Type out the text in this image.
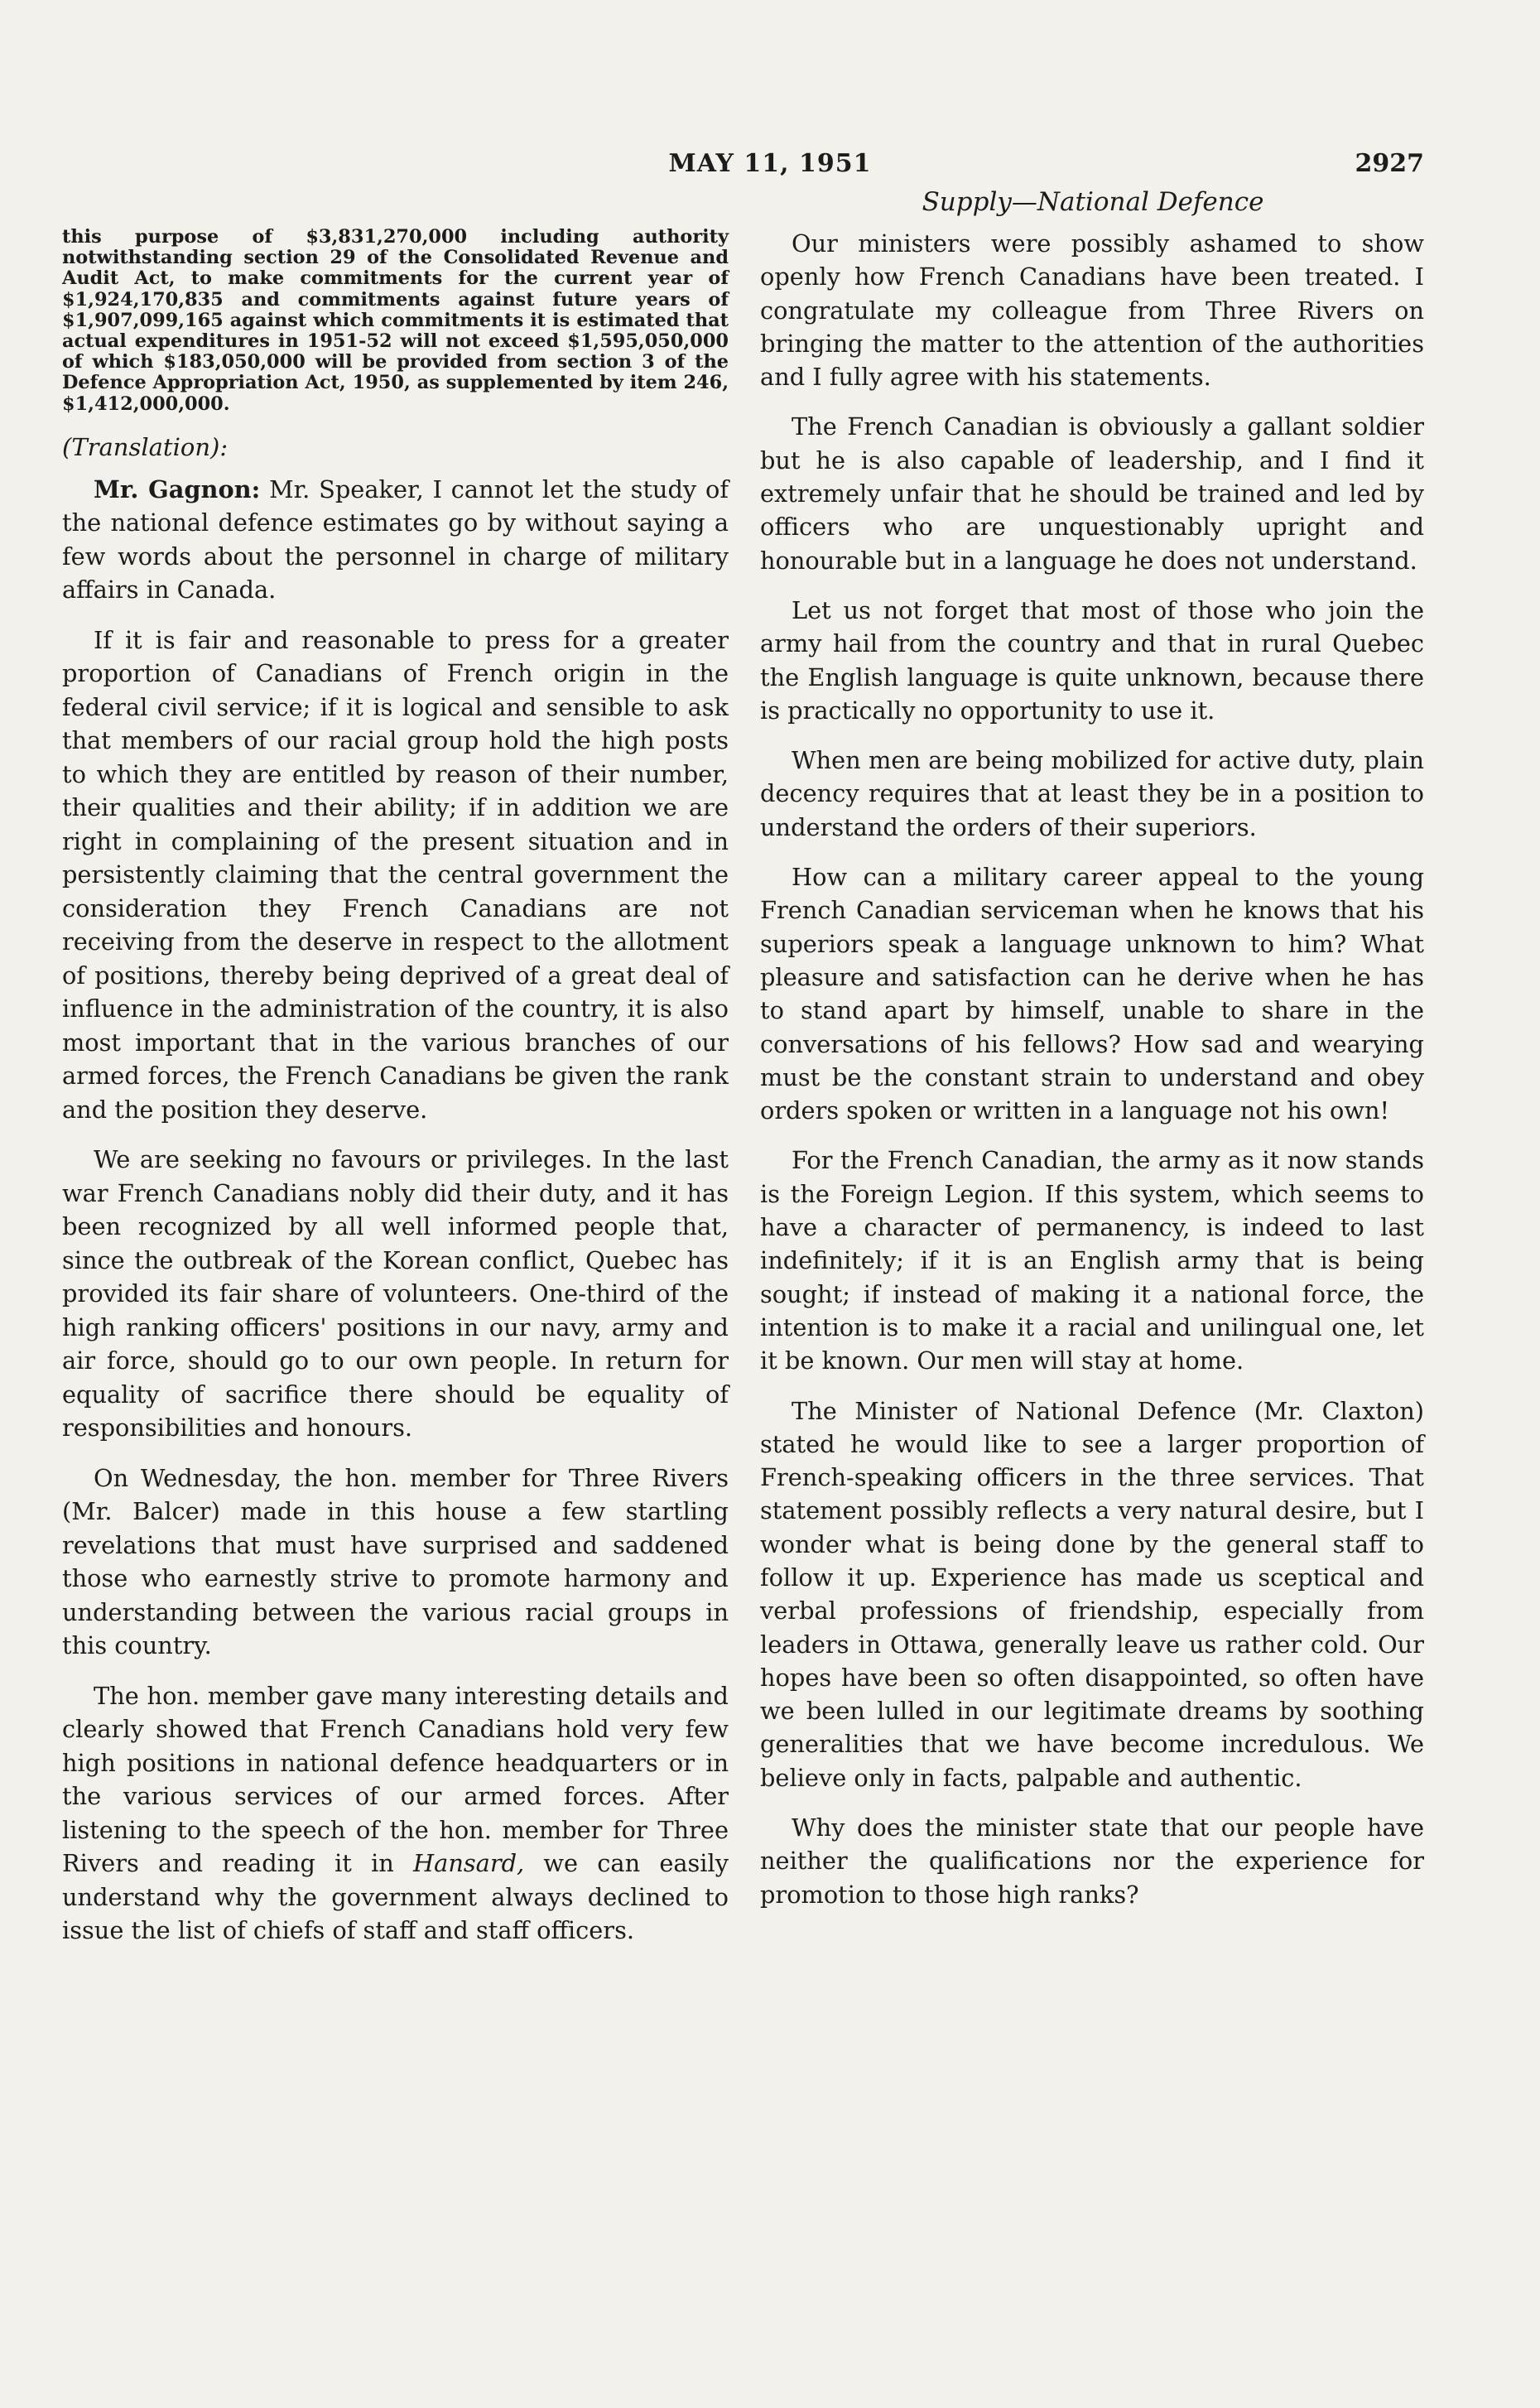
MAY 11, 1951	2927
Supply—National Defence

this purpose of $3,831,270,000 including authority notwithstanding section 29 of the Consolidated Revenue and Audit Act, to make commitments for the current year of $1,924,170,835 and commitments against future years of $1,907,099,165 against which commitments it is estimated that actual expenditures in 1951-52 will not exceed $1,595,050,000 of which $183,050,000 will be provided from section 3 of the Defence Appropriation Act, 1950, as supplemented by item 246, $1,412,000,000.

(Translation):

Mr. Gagnon: Mr. Speaker, I cannot let the study of the national defence estimates go by without saying a few words about the personnel in charge of military affairs in Canada.

If it is fair and reasonable to press for a greater proportion of Canadians of French origin in the federal civil service; if it is logical and sensible to ask that members of our racial group hold the high posts to which they are entitled by reason of their number, their qualities and their ability; if in addition we are right in complaining of the present situation and in persistently claiming that the central government the consideration they French Canadians are not receiving from the deserve in respect to the allotment of positions, thereby being deprived of a great deal of influence in the administration of the country, it is also most important that in the various branches of our armed forces, the French Canadians be given the rank and the position they deserve.

We are seeking no favours or privileges. In the last war French Canadians nobly did their duty, and it has been recognized by all well informed people that, since the outbreak of the Korean conflict, Quebec has provided its fair share of volunteers. One-third of the high ranking officers' positions in our navy, army and air force, should go to our own people. In return for equality of sacrifice there should be equality of responsibilities and honours.

On Wednesday, the hon. member for Three Rivers (Mr. Balcer) made in this house a few startling revelations that must have surprised and saddened those who earnestly strive to promote harmony and understanding between the various racial groups in this country.

The hon. member gave many interesting details and clearly showed that French Canadians hold very few high positions in national defence headquarters or in the various services of our armed forces. After listening to the speech of the hon. member for Three Rivers and reading it in Hansard, we can easily understand why the government always declined to issue the list of chiefs of staff and staff officers.

Our ministers were possibly ashamed to show openly how French Canadians have been treated. I congratulate my colleague from Three Rivers on bringing the matter to the attention of the authorities and I fully agree with his statements.

The French Canadian is obviously a gallant soldier but he is also capable of leadership, and I find it extremely unfair that he should be trained and led by officers who are unquestionably upright and honourable but in a language he does not understand.

Let us not forget that most of those who join the army hail from the country and that in rural Quebec the English language is quite unknown, because there is practically no opportunity to use it.

When men are being mobilized for active duty, plain decency requires that at least they be in a position to understand the orders of their superiors.

How can a military career appeal to the young French Canadian serviceman when he knows that his superiors speak a language unknown to him? What pleasure and satisfaction can he derive when he has to stand apart by himself, unable to share in the conversations of his fellows? How sad and wearying must be the constant strain to understand and obey orders spoken or written in a language not his own!

For the French Canadian, the army as it now stands is the Foreign Legion. If this system, which seems to have a character of permanency, is indeed to last indefinitely; if it is an English army that is being sought; if instead of making it a national force, the intention is to make it a racial and unilingual one, let it be known. Our men will stay at home.

The Minister of National Defence (Mr. Claxton) stated he would like to see a larger proportion of French-speaking officers in the three services. That statement possibly reflects a very natural desire, but I wonder what is being done by the general staff to follow it up. Experience has made us sceptical and verbal professions of friendship, especially from leaders in Ottawa, generally leave us rather cold. Our hopes have been so often disappointed, so often have we been lulled in our legitimate dreams by soothing generalities that we have become incredulous. We believe only in facts, palpable and authentic.

Why does the minister state that our people have neither the qualifications nor the experience for promotion to those high ranks?
